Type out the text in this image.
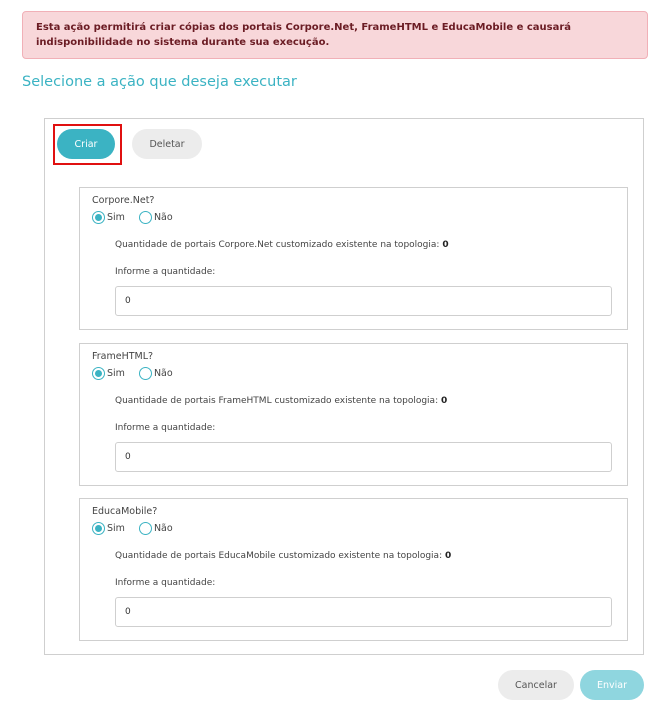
Esta ação permitirá criar cópias dos portais Corpore.Net, FrameHTML e EducaMobile e causará indisponibilidade no sistema durante sua execução.
Selecione a ação que deseja executar
Criar	Deletar
Corpore.Net?
Sim	Não
Quantidade de portais Corpore.Net customizado existente na topologia: 0
Informe a quantidade:
0
FrameHTML?
Sim	Não
Quantidade de portais FrameHTML customizado existente na topologia: 0
Informe a quantidade:
0
EducaMobile?
Sim	Não
Quantidade de portais EducaMobile customizado existente na topologia: 0
Informe a quantidade:
0
Cancelar	Enviar
